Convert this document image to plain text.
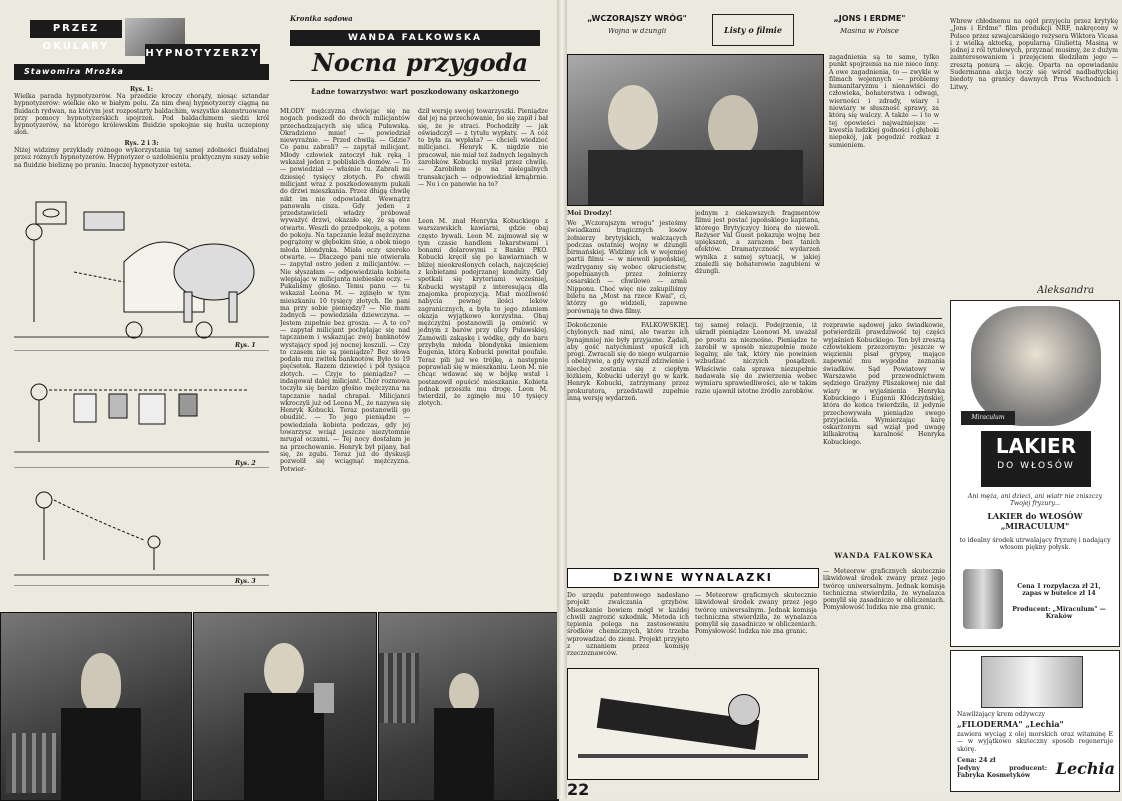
PRZEZ OKULARY
HYPNOTYZERZY
Stawomira Mrożka
Rys. 1:
Wielka parada hypnotyzerów. Na przedzie kroczy chorąży, niosąc sztandar hypnotyzerów: wielkie oko w białym polu. Za nim dwaj hypnotyzerzy ciągną na fluidach rydwan, na którym jest rozpostarty baldachim, wszystko skonstruowane przy pomocy hypnotyzerskich spojrzeń. Pod baldachimem siedzi król hypnotyzerów, na którego królewskim fluidzie spokojnie się huśta uczepiony słoń.
Rys. 2 i 3:
Niżej widzimy przykłady różnego wykorzystania tej samej zdolności fluidalnej przez różnych hypnotyzerów. Hypnotyzer o uzdolnieniu praktycznym suszy sobie na fluidzie bieliznę po praniu. Inaczej hypnotyzer esteta.
Rys. 1
Rys. 2
Rys. 3
Kronika sądowa
WANDA FALKOWSKA
Nocna przygoda
Ładne towarzystwo: wart poszkodowany oskarżonego
MŁODY mężczyzna chwiejąc się na nogach podszedł do dwóch milicjantów przechadzających się ulicą Puławską. Okradziono mnie! — powiedział niewyraźnie. — Przed chwilą. — Gdzie? Co panu zabrali? — zapytał milicjant. Młody człowiek zatoczył łuk ręką i wskazał jeden z pobliskich domów. — To — powiedział — właśnie tu. Zabrali mi dziesięć tysięcy złotych. Po chwili milicjant wraz z poszkodowanym pukali do drzwi mieszkania. Przez długą chwilę nikt im nie odpowiadał. Wewnątrz panowała cisza. Gdy jeden z przedstawicieli władzy próbował wyważyć drzwi, okazało się, że są one otwarte. Weszli do przedpokoju, a potem do pokoju. Na tapczanie leżał mężczyzna pogrążony w głębokim śnie, a obok niego młoda blondynka. Miała oczy szeroko otwarte. — Dlaczego pani nie otwierała — zapytał ostro jeden z milicjantów. — Nie słyszałam — odpowiedziała kobieta wlepiając w milicjanta niebieskie oczy. — Pukaliśmy głośno. Temu panu — tu wskazał Leona M. — zginęło w tym mieszkaniu 10 tysięcy złotych. Ile pani ma przy sobie pieniędzy? — Nie mam żadnych — powiedziała dziewczyna. — Jestem zupełnie bez grosza. — A to co? — zapytał milicjant pochylając się nad tapczanem i wskazując zwój banknotów wystający spod jej nocnej koszuli. — Czy to czasem nie są pieniądze? Bez słowa podała mu zwitek banknotów. Było to 19 pięćsetek. Razem dziewięć i pół tysiąca złotych. — Czyje to pieniądze? — indagował dalej milicjant. Chór rozmowa toczyła się bardzo głośno mężczyzna na tapczanie nadal chrapał. Milicjanci wkroczyli już od Leona M., że nazywa się Henryk Kobucki. Teraz postanowili go obudzić. — To jego pieniądze — powiedziała kobieta podczas, gdy jej towarzysz wciąż jeszcze niezytomnie mrugał oczami. — Tej nocy dostałam je na przechowanie. Henryk był pijany, bał się, że zgubi. Teraz już do dyskusji pozwolił się wciągnąć mężczyzna. Potwier-
dził wersję swojej towarzyszki. Pieniądze dał jej na przechowanie, bo się zapił i bał się, że je straci. Pochodziły — jak oświadczył — z tytułu wypłaty. — A cóż to była za wypłata? — chcieli wiedzieć milicjanci. Henryk K. nigdzie nie pracował, nie miał też żadnych legalnych zarobków. Kobucki myślał przez chwilę. — Zarobiłem je na nielegalnych transakcjach — odpowiedział krnąbrnie. — No i co panowie na to?
Leon M. znał Henryka Kobuckiego z warszawskich kawiarni, gdzie obaj często bywali. Leon M. zajmował się w tym czasie handlem lekarstwami i bonami dolarowymi z Banku PKO. Kobucki kręcił się po kawiarniach w bliżej nieokreślonych celach, najczęściej z kobietami podejrzanej konduity. Gdy spotkali się kryteriami wcześniej, Kobucki wystąpił z interesującą dla znajomka propozycją. Miał możliwość nabycia pewnej ilości leków zagranicznych, a była to jego zdaniem okazja wyjątkowo korzystna. Obaj mężczyźni postanowili ją omówić w jednym z barów przy ulicy Puławskiej. Zamówili zakąskę i wódkę, gdy do baru przybyła młoda blondynka imieniem Eugenia, którą Kobucki powitał poufale. Teraz pili już we trójkę, a następnie poprawiali się w mieszkaniu. Leon M. nie chcąc wdawać się w bójkę wstał i postanowił opuścić mieszkanie. Kobieta jednak przeszła mu drogę. Leon M. twierdził, że zginęło mu 10 tysięcy złotych.
„WCZORAJSZY WRÓG"
Wojna w dżungli	Listy o filmie
„JONS I ERDME"
Masina w Polsce
zagadnienia są te same, tylko punkt spojrzenia na nie nieco inny. A owe zagadnienia, to — zwykle w filmach wojennych — problemy humanitaryzmu i nienawiści do człowieka, bohaterstwa i odwagi, wierności i zdrady, wiary i niewiary w słuszność sprawy, za którą się walczy. A także — i to w tej opowieści najważniejsze — kwestia ludzkiej godności i głęboki niepokój, jak pogodzić rozkaz z sumieniem.
Moi Drodzy!
We „Wczorajszym wrogu" jesteśmy świadkami tragicznych losów żołnierzy brytyjskich, walczących podczas ostatniej wojny w dżungli birmańskiej. Widzimy ich w wojennej partii filmu — w niewoli japońskiej, wzdrygamy się wobec okrucieństw, popełnianych przez żołnierzy cesarskich — chwilowo — armii Nipponu. Choć więc nie zakupiliśmy biletu na „Most na rzece Kwai", ci, którzy go widzieli, zapewne porównają te dwa filmy.
jednym z ciekawszych fragmentów filmu jest postać japońskiego kapitana, którego Brytyjczycy biorą do niewoli. Reżyser Val Guest pokazuje wojnę bez upiększeń, a zarazem bez tanich efektów. Dramatyczność wydarzeń wynika z samej sytuacji, w jakiej znaleźli się bohaterowie zagubieni w dżungli.
Wbrew chłodnemu na ogół przyjęciu przez krytykę „Jons i Erdme" film produkcji NRF, nakręcony w Polsce przez szwajcarskiego reżysera Wiktora Vicasa i z wielką aktorką, popularną Giuliettą Masiną w jednej z ról tytułowych, przyznać musimy, że z dużym zainteresowaniem i przejęciem śledziłam jego — zresztą ponurą — akcję. Oparta na opowiadaniu Sudermanna akcja toczy się wśród nadbałtyckiej biedoty na granicy dawnych Prus Wschodnich i Litwy.
Aleksandra
Dokończenie FALKOWSKIEJ. chylonych nad nimi, ale twarze ich bynajmniej nie były przyjazne. Żądali, aby gość natychmiast opuścił ich progi. Zwracali się do niego wulgarnie i obelżywie, a gdy wyraził zdziwienie i niechęć zostania się z ciepłym łóżkiem, Kobucki uderzył go w kark. Henryk Kobucki, zatrzymany przez prokuratora, przedstawił zupełnie inną wersję wydarzeń.
tej samej relacji. Podejrzenie, iż ukradł pieniądze Leonowi M. uważał po prostu za nieznośne. Pieniądze te zarobił w sposób niezupełnie może legalny, ale tak, który nie powinien wzbudzać niczyich posądzeń. Właściwie cała sprawa niezupełnie nadawała się do zwierzenia wobec wymiaru sprawiedliwości, ale w takim razie ujawnił istotne źródło zarobków.
rozprawie sądowej jako świadkowie, potwierdzili prawdziwość tej części wyjaśnień Kobuckiego. Ten był zresztą człowiekiem przezornym: jeszcze w więzieniu pisał grypsy, mające zapewnić mu wygodne zeznania świadków. Sąd Powiatowy w Warszawie pod przewodnictwem sędziego Grażyny Pliszakowej nie dał wiary w wyjaśnienia Henryka Kobuckiego i Eugenii Kłódczyńskiej, która do końca twierdziła, iż jedynie przechowywała pieniądze swego przyjaciela. Wymierzając karę oskarżonym sąd wziął pod uwagę kilkakrotną karalność Henryka Kobuckiego.
WANDA FALKOWSKA
DZIWNE WYNALAZKI
Do urzędu patentowego nadesłano projekt zwalczania grzybów. Mieszkanie bowiem mógł w każdej chwili zagrozić szkodnik. Metoda ich tępienia polega na zastosowaniu środków chemicznych, które trzeba wprowadzać do ziemi. Projekt przyjęto z uznaniem przez komisję rzeczoznawców.
— Meteorow graficznych skutecznie likwidował środek zwany przez jego twórcę uniwersalnym. Jednak komisja techniczna stwierdziła, że wynalazca pomylił się zasadniczo w obliczeniach. Pomysłowość ludzka nie zna granic.
— Meteorow graficznych skutecznie likwidował środek zwany przez jego twórcę uniwersalnym. Jednak komisja techniczna stwierdziła, że wynalazca pomylił się zasadniczo w obliczeniach. Pomysłowość ludzka nie zna granic.
22
Miraculum
LAKIER
DO WŁOSÓW
Ani męża, ani dzieci, ani wiatr nie zniszczy Twojej fryzury...
LAKIER do WŁOSÓW „MIRACULUM"
to idealny środek utrwalający fryzurę i nadający włosom piękny połysk.
Cena 1 rozpylacza zł 21, zapas w butelce zł 14
Producent: „Miraculum" — Kraków
Nawilżający krem odżywczy
„FILODERMA" „Lechia"
zawiera wyciąg z olej morskich oraz witaminę E — w wyjątkowo skuteczny sposób regeneruje skórę.
Cena: 24 zł
Jedyny producent: Fabryka Kosmetyków	Lechia
